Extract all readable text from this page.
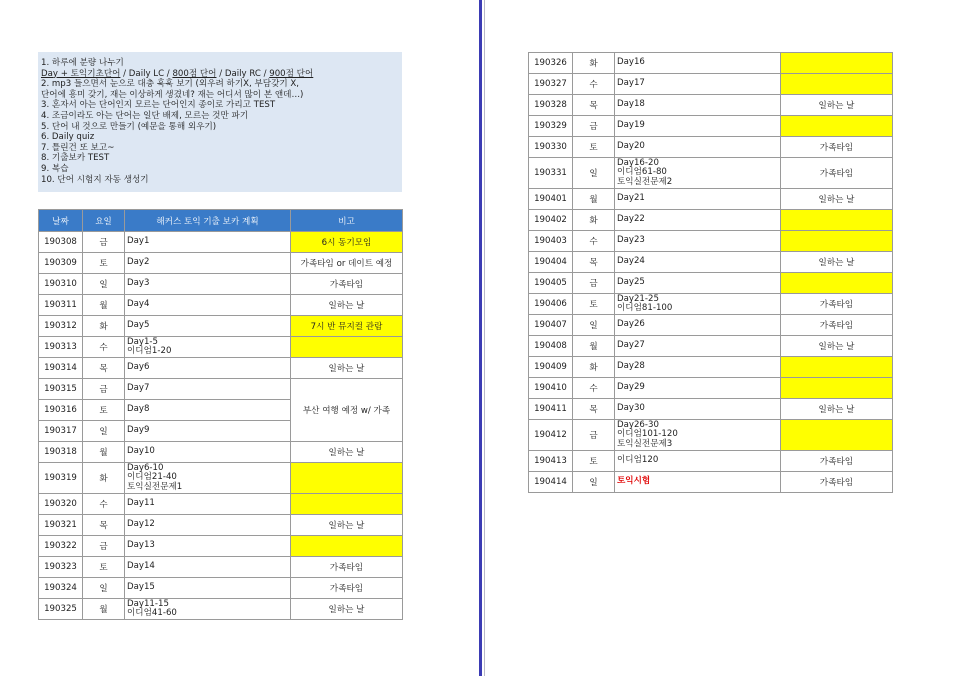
1. 하루에 분량 나누기
Day + 토익기초단어 / Daily LC / 800점 단어 / Daily RC / 900점 단어
2. mp3 들으면서 눈으로 대충 훅훅 보기 (외우려 하기X, 부담갖기 X,
단어에 흥미 갖기, 재는 이상하게 생겼네? 재는 어디서 많이 본 앤데…)
3. 혼자서 아는 단어인지 모르는 단어인지 종이로 가리고 TEST
4. 조금이라도 아는 단어는 일단 배제, 모르는 것만 파기
5. 단어 내 것으로 만들기 (예문을 통해 외우기)
6. Daily quiz
7. 틀린건 또 보고~
8. 기출보카 TEST
9. 복습
10. 단어 시험지 자동 생성기
날짜	요일	해커스 토익 기출 보카 계획	비고
190308	금	Day1	6시 동기모임
190309	토	Day2	가족타임 or 데이트 예정
190310	일	Day3	가족타임
190311	월	Day4	일하는 날
190312	화	Day5	7시 반 뮤지컬 관람
190313	수	Day1-5
이디엄1-20	

190314	목	Day6	일하는 날
190315	금	Day7	부산 여행 예정 w/ 가족
190316	토	Day8	

190317	일	Day9	

190318	월	Day10	일하는 날
190319	화	Day6-10
이디엄21-40
토익실전문제1	

190320	수	Day11	

190321	목	Day12	일하는 날
190322	금	Day13	

190323	토	Day14	가족타임
190324	일	Day15	가족타임
190325	월	Day11-15
이디엄41-60	일하는 날
190326	화	Day16	

190327	수	Day17	

190328	목	Day18	일하는 날
190329	금	Day19	

190330	토	Day20	가족타임
190331	일	Day16-20
이디엄61-80
토익실전문제2	가족타임
190401	월	Day21	일하는 날
190402	화	Day22	

190403	수	Day23	

190404	목	Day24	일하는 날
190405	금	Day25	

190406	토	Day21-25
이디엄81-100	가족타임
190407	일	Day26	가족타임
190408	월	Day27	일하는 날
190409	화	Day28	

190410	수	Day29	

190411	목	Day30	일하는 날
190412	금	Day26-30
이디엄101-120
토익실전문제3	

190413	토	이디엄120	가족타임
190414	일	토익시험	가족타임
